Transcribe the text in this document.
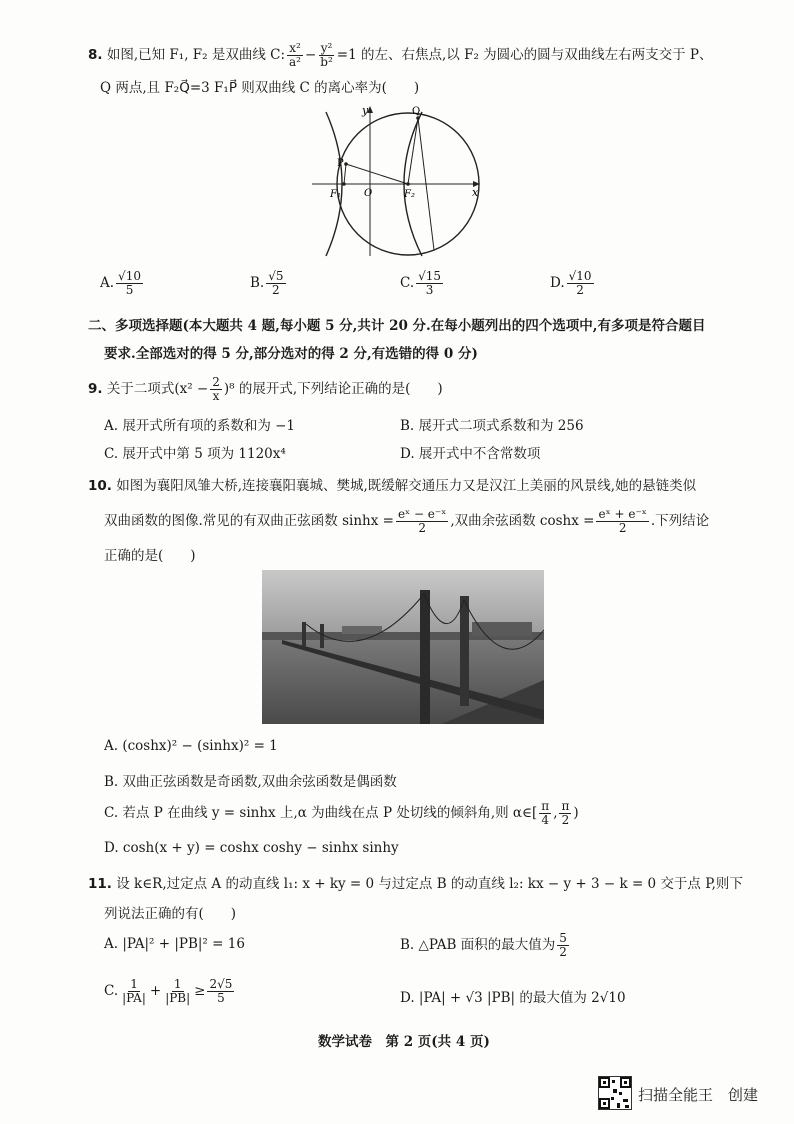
8. 如图,已知 F₁, F₂ 是双曲线 C: $\frac{\text{x²}}{\text{a²}} - \frac{\text{y²}}{\text{b²}} =1$ 的左、右焦点,以 F₂ 为圆心的圆与双曲线左右两支交于 P、
Q 两点,且 F₂Q⃗=3 F₁P⃗ 则双曲线 C 的离心率为(　　)
y
x
O
F₁	F₂
P
Q
A. $\frac{√10}{5}$	B. $\frac{√5}{2}$	C. $\frac{√15}{3}$	D. $\frac{√10}{2}$
二、多项选择题(本大题共 4 题,每小题 5 分,共计 20 分.在每小题列出的四个选项中,有多项是符合题目
要求.全部选对的得 5 分,部分选对的得 2 分,有选错的得 0 分)
9. 关于二项式$(x^2 - \frac{2}{x} )^8$ 的展开式,下列结论正确的是(　　)
A. 展开式所有项的系数和为 −1	B. 展开式二项式系数和为 256
C. 展开式中第 5 项为 1120x⁴	D. 展开式中不含常数项
10. 如图为襄阳凤雏大桥,连接襄阳襄城、樊城,既缓解交通压力又是汉江上美丽的风景线,她的悬链类似
双曲函数的图像.常见的有双曲正弦函数 $\sinh x = \frac{\text{eˣ − e⁻ˣ}}{2}$ ,双曲余弦函数 $\cosh x = \frac{\text{eˣ + e⁻ˣ}}{2}$ .下列结论
正确的是(　　)
A. (coshx)² − (sinhx)² = 1
B. 双曲正弦函数是奇函数,双曲余弦函数是偶函数
C. 若点 P 在曲线 y = sinhx 上,α 为曲线在点 P 处切线的倾斜角,则 α∈[ $\frac{\pi}{4}$ , $\frac{\pi}{2}$ )
D. cosh(x + y) = coshx coshy − sinhx sinhy
11. 设 k∈R,过定点 A 的动直线 l₁: x + ky = 0 与过定点 B 的动直线 l₂: kx − y + 3 − k = 0 交于点 P,则下
列说法正确的有(　　)
A. |PA|² + |PB|² = 16	B. △PAB 面积的最大值为 $\frac{5}{2}$
C. $\frac{1}{|PA|} + \frac{1}{|PB|} \ge \frac{2√5}{5}$	D. |PA| + √3 |PB| 的最大值为 2√10
数学试卷　第 2 页(共 4 页)
扫描全能王　创建
